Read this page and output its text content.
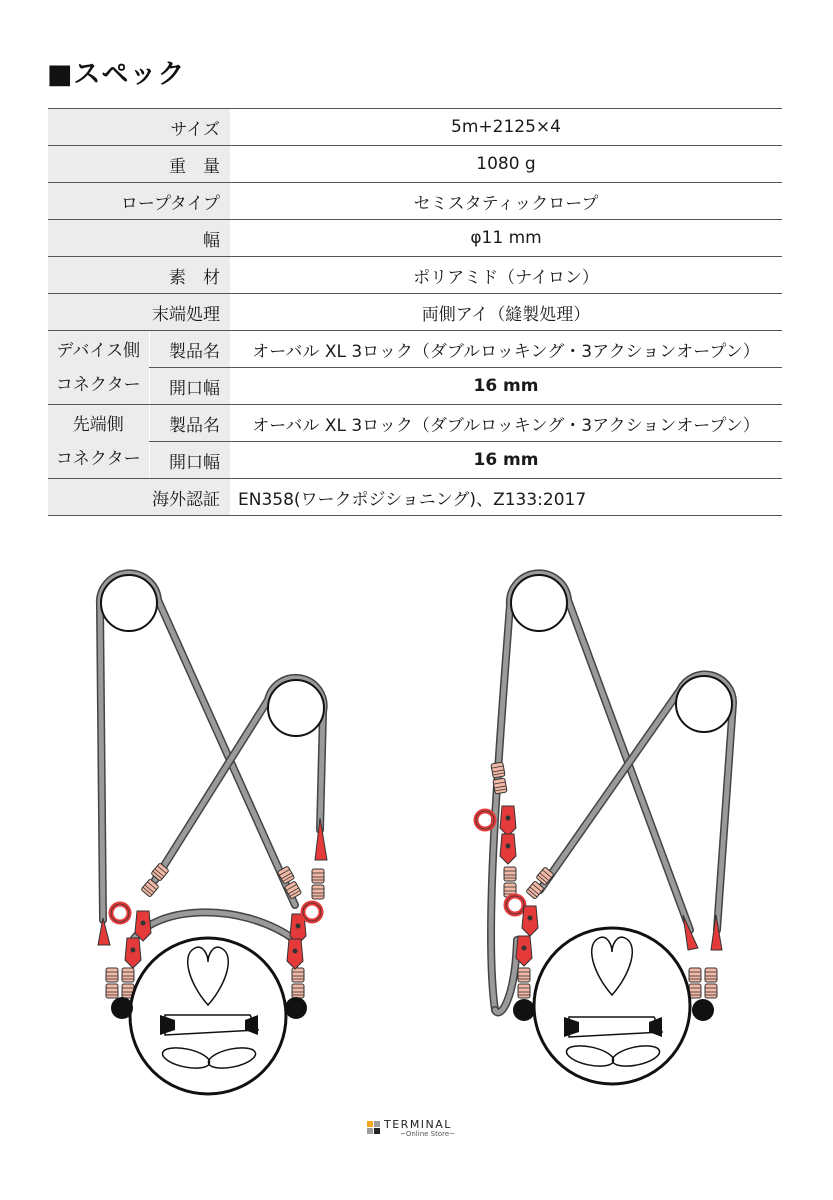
■スペック
サイズ		5m+2125×4
重　量		1080 g
ロープタイプ		セミスタティックロープ
幅		φ11 mm
素　材		ポリアミド（ナイロン）
末端処理		両側アイ（縫製処理）

デバイス側
コネクター	製品名	オーバル XL 3ロック（ダブルロッキング・3アクションオープン）
	開口幅	16 mm

先端側
コネクター	製品名	オーバル XL 3ロック（ダブルロッキング・3アクションオープン）
	開口幅	16 mm
海外認証		EN358(ワークポジショニング)、Z133:2017
TERMINAL
~Online Store~
